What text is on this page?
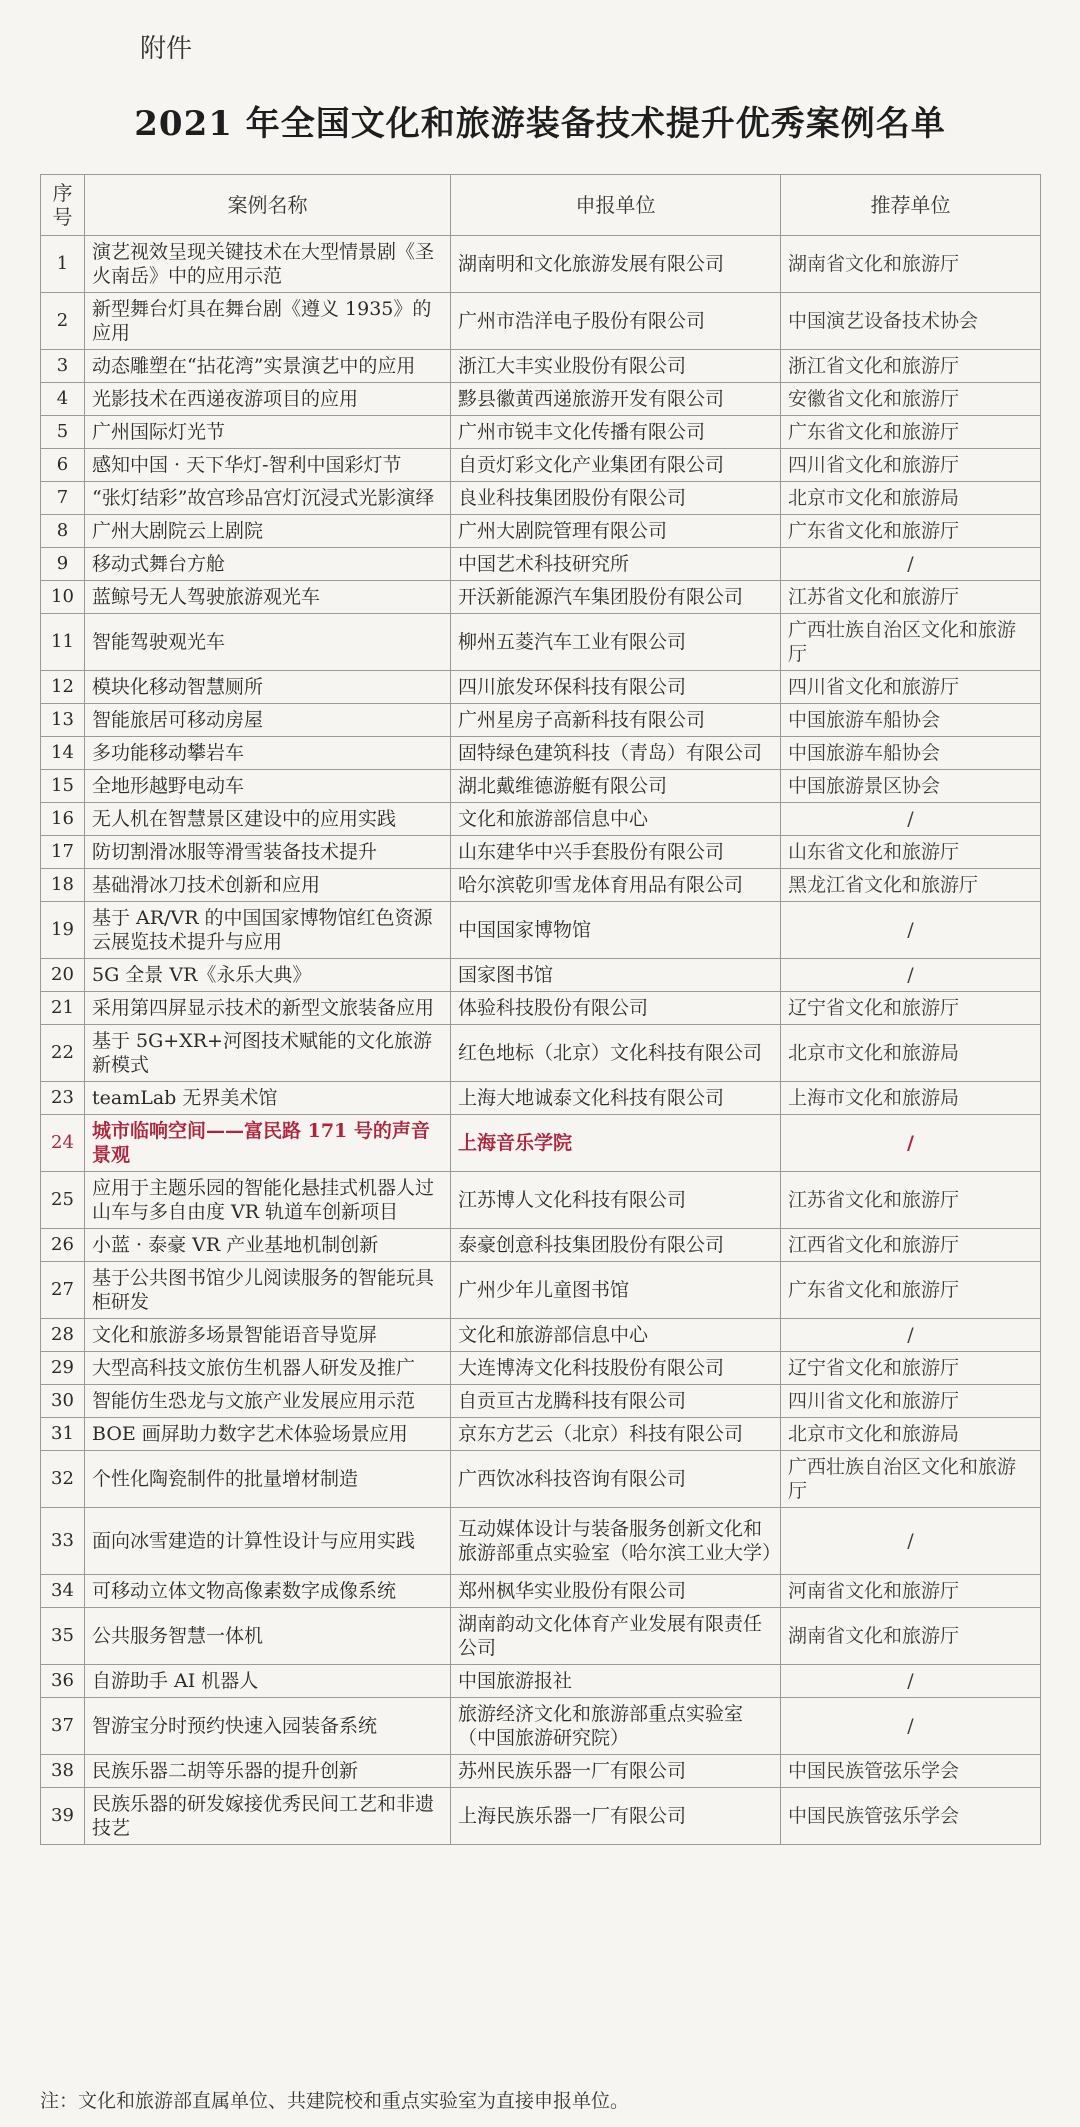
附件
2021 年全国文化和旅游装备技术提升优秀案例名单
序号	案例名称	申报单位	推荐单位
1	演艺视效呈现关键技术在大型情景剧《圣火南岳》中的应用示范	湖南明和文化旅游发展有限公司	湖南省文化和旅游厅
2	新型舞台灯具在舞台剧《遵义 1935》的应用	广州市浩洋电子股份有限公司	中国演艺设备技术协会
3	动态雕塑在“拈花湾”实景演艺中的应用	浙江大丰实业股份有限公司	浙江省文化和旅游厅
4	光影技术在西递夜游项目的应用	黟县徽黄西递旅游开发有限公司	安徽省文化和旅游厅
5	广州国际灯光节	广州市锐丰文化传播有限公司	广东省文化和旅游厅
6	感知中国 · 天下华灯-智利中国彩灯节	自贡灯彩文化产业集团有限公司	四川省文化和旅游厅
7	“张灯结彩”故宫珍品宫灯沉浸式光影演绎	良业科技集团股份有限公司	北京市文化和旅游局
8	广州大剧院云上剧院	广州大剧院管理有限公司	广东省文化和旅游厅
9	移动式舞台方舱	中国艺术科技研究所	/
10	蓝鲸号无人驾驶旅游观光车	开沃新能源汽车集团股份有限公司	江苏省文化和旅游厅
11	智能驾驶观光车	柳州五菱汽车工业有限公司	广西壮族自治区文化和旅游厅
12	模块化移动智慧厕所	四川旅发环保科技有限公司	四川省文化和旅游厅
13	智能旅居可移动房屋	广州星房子高新科技有限公司	中国旅游车船协会
14	多功能移动攀岩车	固特绿色建筑科技（青岛）有限公司	中国旅游车船协会
15	全地形越野电动车	湖北戴维德游艇有限公司	中国旅游景区协会
16	无人机在智慧景区建设中的应用实践	文化和旅游部信息中心	/
17	防切割滑冰服等滑雪装备技术提升	山东建华中兴手套股份有限公司	山东省文化和旅游厅
18	基础滑冰刀技术创新和应用	哈尔滨乾卯雪龙体育用品有限公司	黑龙江省文化和旅游厅
19	基于 AR/VR 的中国国家博物馆红色资源云展览技术提升与应用	中国国家博物馆	/
20	5G 全景 VR《永乐大典》	国家图书馆	/
21	采用第四屏显示技术的新型文旅装备应用	体验科技股份有限公司	辽宁省文化和旅游厅
22	基于 5G+XR+河图技术赋能的文化旅游新模式	红色地标（北京）文化科技有限公司	北京市文化和旅游局
23	teamLab 无界美术馆	上海大地诚泰文化科技有限公司	上海市文化和旅游局
24	城市临响空间——富民路 171 号的声音景观	上海音乐学院	/
25	应用于主题乐园的智能化悬挂式机器人过山车与多自由度 VR 轨道车创新项目	江苏博人文化科技有限公司	江苏省文化和旅游厅
26	小蓝 · 泰豪 VR 产业基地机制创新	泰豪创意科技集团股份有限公司	江西省文化和旅游厅
27	基于公共图书馆少儿阅读服务的智能玩具柜研发	广州少年儿童图书馆	广东省文化和旅游厅
28	文化和旅游多场景智能语音导览屏	文化和旅游部信息中心	/
29	大型高科技文旅仿生机器人研发及推广	大连博涛文化科技股份有限公司	辽宁省文化和旅游厅
30	智能仿生恐龙与文旅产业发展应用示范	自贡亘古龙腾科技有限公司	四川省文化和旅游厅
31	BOE 画屏助力数字艺术体验场景应用	京东方艺云（北京）科技有限公司	北京市文化和旅游局
32	个性化陶瓷制件的批量增材制造	广西饮冰科技咨询有限公司	广西壮族自治区文化和旅游厅
33	面向冰雪建造的计算性设计与应用实践	互动媒体设计与装备服务创新文化和旅游部重点实验室（哈尔滨工业大学）	/
34	可移动立体文物高像素数字成像系统	郑州枫华实业股份有限公司	河南省文化和旅游厅
35	公共服务智慧一体机	湖南韵动文化体育产业发展有限责任公司	湖南省文化和旅游厅
36	自游助手 AI 机器人	中国旅游报社	/
37	智游宝分时预约快速入园装备系统	旅游经济文化和旅游部重点实验室（中国旅游研究院）	/
38	民族乐器二胡等乐器的提升创新	苏州民族乐器一厂有限公司	中国民族管弦乐学会
39	民族乐器的研发嫁接优秀民间工艺和非遗技艺	上海民族乐器一厂有限公司	中国民族管弦乐学会
注：文化和旅游部直属单位、共建院校和重点实验室为直接申报单位。
